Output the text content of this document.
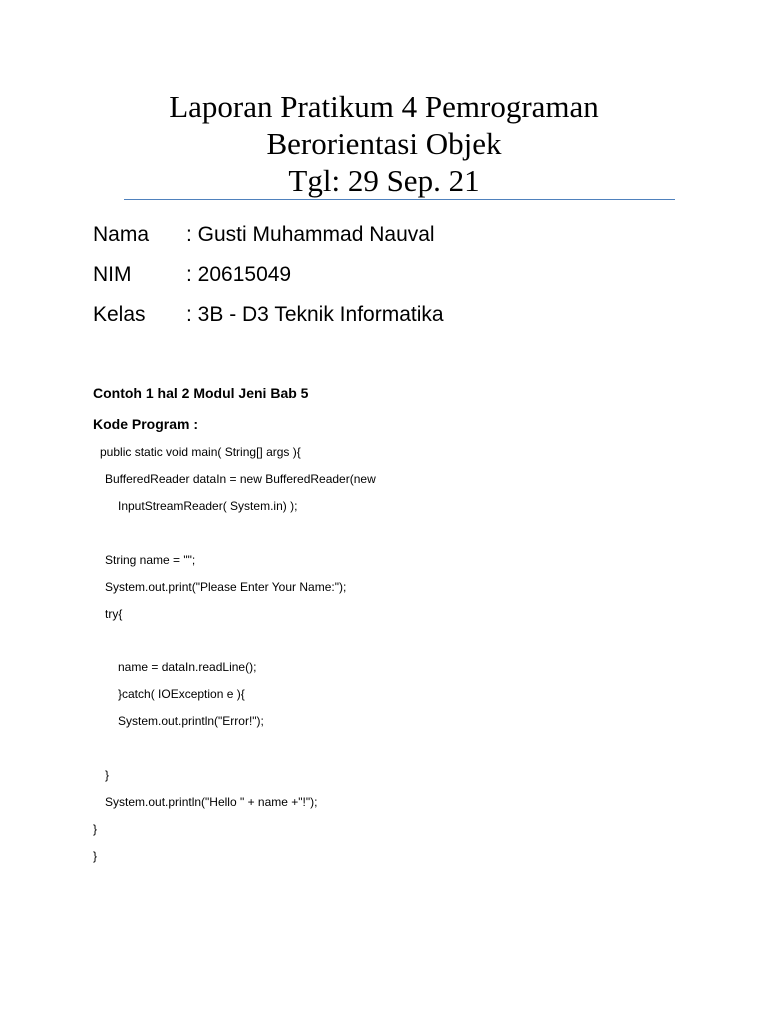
Laporan Pratikum 4 Pemrograman
Berorientasi Objek
Tgl: 29 Sep. 21
Nama : Gusti Muhammad Nauval
NIM	: 20615049
Kelas : 3B - D3 Teknik Informatika
Contoh 1 hal 2 Modul Jeni Bab 5
Kode Program :
public static void main( String[] args ){
BufferedReader dataIn = new BufferedReader(new
InputStreamReader( System.in) );
String name = "";
System.out.print("Please Enter Your Name:");
try{
name = dataIn.readLine();
}catch( IOException e ){
System.out.println("Error!");
}
System.out.println("Hello " + name +"!");
}
}
